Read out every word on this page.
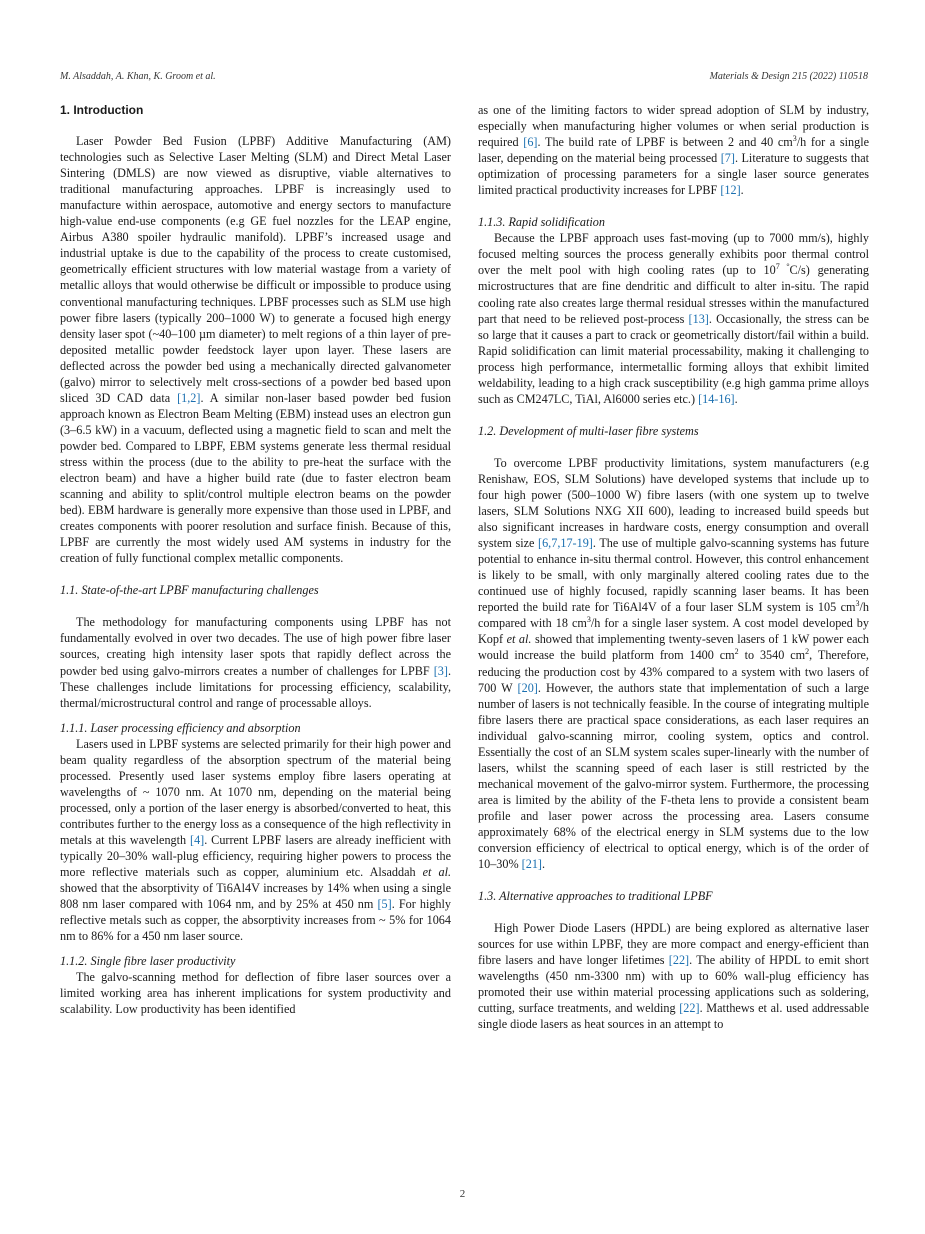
M. Alsaddah, A. Khan, K. Groom et al.	Materials & Design 215 (2022) 110518
1. Introduction

Laser Powder Bed Fusion (LPBF) Additive Manufacturing (AM) technologies such as Selective Laser Melting (SLM) and Direct Metal Laser Sintering (DMLS) are now viewed as disruptive, viable alternatives to traditional manufacturing approaches. LPBF is increasingly used to manufacture within aerospace, automotive and energy sectors to manufacture high-value end-use components (e.g GE fuel nozzles for the LEAP engine, Airbus A380 spoiler hydraulic manifold). LPBF’s increased usage and industrial uptake is due to the capability of the process to create customised, geometrically efficient structures with low material wastage from a variety of metallic alloys that would otherwise be difficult or impossible to produce using conventional manufacturing techniques. LPBF processes such as SLM use high power fibre lasers (typically 200–1000 W) to generate a focused high energy density laser spot (~40–100 µm diameter) to melt regions of a thin layer of pre-deposited metallic powder feedstock layer upon layer. These lasers are deflected across the powder bed using a mechanically directed galvanometer (galvo) mirror to selectively melt cross-sections of a powder bed based upon sliced 3D CAD data [1,2]. A similar non-laser based powder bed fusion approach known as Electron Beam Melting (EBM) instead uses an electron gun (3–6.5 kW) in a vacuum, deflected using a magnetic field to scan and melt the powder bed. Compared to LBPF, EBM systems generate less thermal residual stress within the process (due to the ability to pre-heat the surface with the electron beam) and have a higher build rate (due to faster electron beam scanning and ability to split/control multiple electron beams on the powder bed). EBM hardware is generally more expensive than those used in LPBF, and creates components with poorer resolution and surface finish. Because of this, LPBF are currently the most widely used AM systems in industry for the creation of fully functional complex metallic components.

1.1. State-of-the-art LPBF manufacturing challenges

The methodology for manufacturing components using LPBF has not fundamentally evolved in over two decades. The use of high power fibre laser sources, creating high intensity laser spots that rapidly deflect across the powder bed using galvo-mirrors creates a number of challenges for LPBF [3]. These challenges include limitations for processing efficiency, scalability, thermal/microstructural control and range of processable alloys.

1.1.1. Laser processing efficiency and absorption

Lasers used in LPBF systems are selected primarily for their high power and beam quality regardless of the absorption spectrum of the material being processed. Presently used laser systems employ fibre lasers operating at wavelengths of ~ 1070 nm. At 1070 nm, depending on the material being processed, only a portion of the laser energy is absorbed/converted to heat, this contributes further to the energy loss as a consequence of the high reflectivity in metals at this wavelength [4]. Current LPBF lasers are already inefficient with typically 20–30% wall-plug efficiency, requiring higher powers to process the more reflective materials such as copper, aluminium etc. Alsaddah et al. showed that the absorptivity of Ti6Al4V increases by 14% when using a single 808 nm laser compared with 1064 nm, and by 25% at 450 nm [5]. For highly reflective metals such as copper, the absorptivity increases from ~ 5% for 1064 nm to 86% for a 450 nm laser source.

1.1.2. Single fibre laser productivity

The galvo-scanning method for deflection of fibre laser sources over a limited working area has inherent implications for system productivity and scalability. Low productivity has been identified

as one of the limiting factors to wider spread adoption of SLM by industry, especially when manufacturing higher volumes or when serial production is required [6]. The build rate of LPBF is between 2 and 40 $cm^3/h$ for a single laser, depending on the material being processed [7]. Literature to suggests that optimization of processing parameters for a single laser source generates limited practical productivity increases for LPBF [12].

1.1.3. Rapid solidification

Because the LPBF approach uses fast-moving (up to 7000 mm/s), highly focused melting sources the process generally exhibits poor thermal control over the melt pool with high cooling rates (up to $10^{7 ^\circ}C/s$) generating microstructures that are fine dendritic and difficult to alter in-situ. The rapid cooling rate also creates large thermal residual stresses within the manufactured part that need to be relieved post-process [13]. Occasionally, the stress can be so large that it causes a part to crack or geometrically distort/fail within a build. Rapid solidification can limit material processability, making it challenging to process high performance, intermetallic forming alloys that exhibit limited weldability, leading to a high crack susceptibility (e.g high gamma prime alloys such as CM247LC, TiAl, Al6000 series etc.) [14-16].

1.2. Development of multi-laser fibre systems

To overcome LPBF productivity limitations, system manufacturers (e.g Renishaw, EOS, SLM Solutions) have developed systems that include up to four high power (500–1000 W) fibre lasers (with one system up to twelve lasers, SLM Solutions NXG XII 600), leading to increased build speeds but also significant increases in hardware costs, energy consumption and overall system size [6,7,17-19]. The use of multiple galvo-scanning systems has future potential to enhance in-situ thermal control. However, this control enhancement is likely to be small, with only marginally altered cooling rates due to the continued use of highly focused, rapidly scanning laser beams. It has been reported the build rate for Ti6Al4V of a four laser SLM system is 105 $cm^3/h$ compared with 18 $cm^3/h$ for a single laser system. A cost model developed by Kopf et al. showed that implementing twenty-seven lasers of 1 kW power each would increase the build platform from 1400 $cm^2$ to 3540 $cm^2$, Therefore, reducing the production cost by 43% compared to a system with two lasers of 700 W [20]. However, the authors state that implementation of such a large number of lasers is not technically feasible. In the course of integrating multiple fibre lasers there are practical space considerations, as each laser requires an individual galvo-scanning mirror, cooling system, optics and control. Essentially the cost of an SLM system scales super-linearly with the number of lasers, whilst the scanning speed of each laser is still restricted by the mechanical movement of the galvo-mirror system. Furthermore, the processing area is limited by the ability of the F-theta lens to provide a consistent beam profile and laser power across the processing area. Lasers consume approximately 68% of the electrical energy in SLM systems due to the low conversion efficiency of electrical to optical energy, which is of the order of 10–30% [21].

1.3. Alternative approaches to traditional LPBF

High Power Diode Lasers (HPDL) are being explored as alternative laser sources for use within LPBF, they are more compact and energy-efficient than fibre lasers and have longer lifetimes [22]. The ability of HPDL to emit short wavelengths (450 nm-3300 nm) with up to 60% wall-plug efficiency has promoted their use within material processing applications such as soldering, cutting, surface treatments, and welding [22]. Matthews et al. used addressable single diode lasers as heat sources in an attempt to

2
